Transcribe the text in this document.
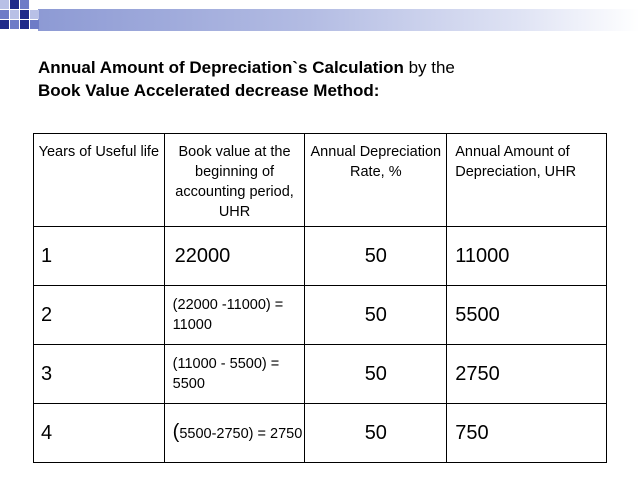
Annual Amount of Depreciation`s Calculation by the
Book Value Accelerated decrease Method:
Years of Useful life	Book value at the beginning of accounting period, UHR	Annual Depreciation Rate, %	Annual Amount of Depreciation, UHR
1	22000	50	11000
2	(22000 -11000) = 11000	50	5500
3	(11000 - 5500) = 5500	50	2750
4	(5500-2750) = 2750	50	750
